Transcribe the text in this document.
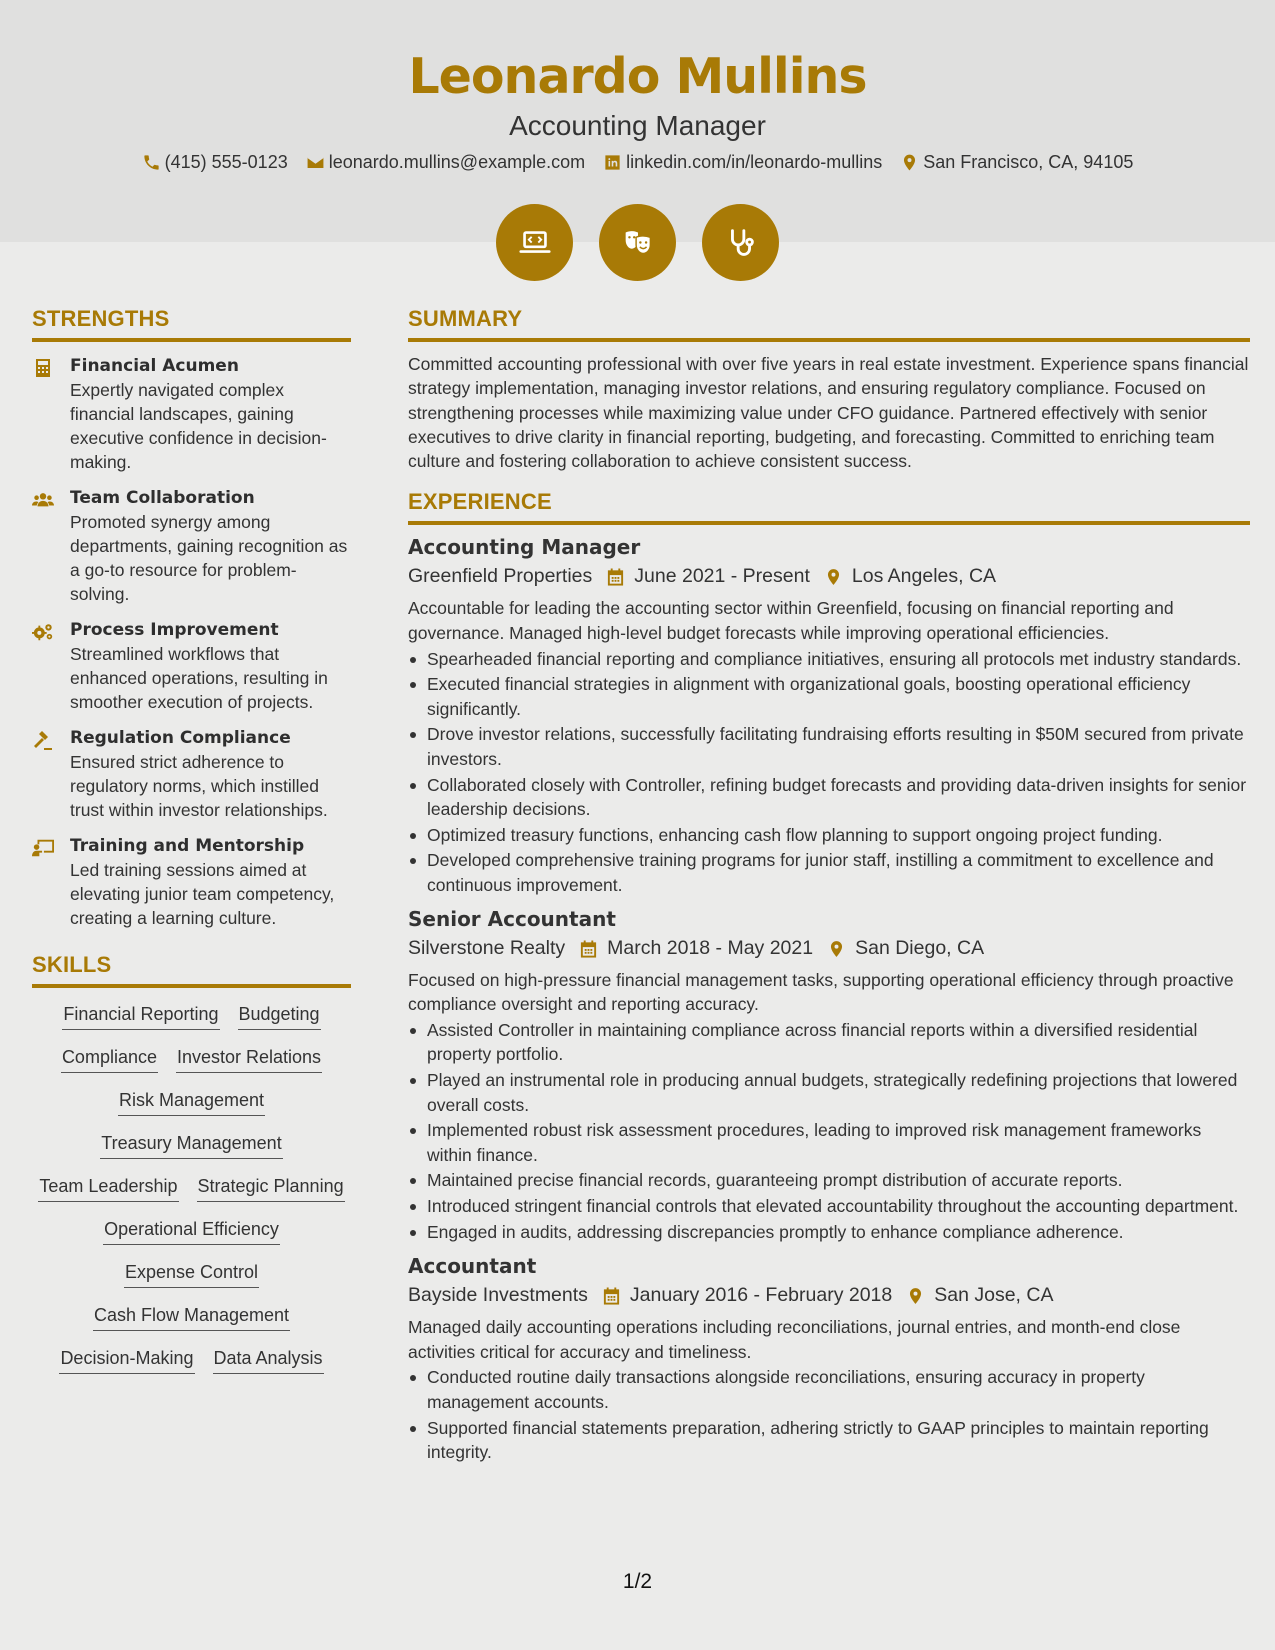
Leonardo Mullins
Accounting Manager
(415) 555-0123 leonardo.mullins@example.com linkedin.com/in/leonardo-mullins San Francisco, CA, 94105
STRENGTHS
Financial Acumen
Expertly navigated complex financial landscapes, gaining executive confidence in decision-making.
Team Collaboration
Promoted synergy among departments, gaining recognition as a go-to resource for problem-solving.
Process Improvement
Streamlined workflows that enhanced operations, resulting in smoother execution of projects.
Regulation Compliance
Ensured strict adherence to regulatory norms, which instilled trust within investor relationships.
Training and Mentorship
Led training sessions aimed at elevating junior team competency, creating a learning culture.
SKILLS
Financial Reporting Budgeting
Compliance Investor Relations
Risk Management
Treasury Management
Team Leadership Strategic Planning
Operational Efficiency
Expense Control
Cash Flow Management
Decision-Making Data Analysis
SUMMARY
Committed accounting professional with over five years in real estate investment. Experience spans financial strategy implementation, managing investor relations, and ensuring regulatory compliance. Focused on strengthening processes while maximizing value under CFO guidance. Partnered effectively with senior executives to drive clarity in financial reporting, budgeting, and forecasting. Committed to enriching team culture and fostering collaboration to achieve consistent success.
EXPERIENCE
Accounting Manager
Greenfield Properties June 2021 - Present Los Angeles, CA
Accountable for leading the accounting sector within Greenfield, focusing on financial reporting and governance. Managed high-level budget forecasts while improving operational efficiencies.
Spearheaded financial reporting and compliance initiatives, ensuring all protocols met industry standards.
Executed financial strategies in alignment with organizational goals, boosting operational efficiency significantly.
Drove investor relations, successfully facilitating fundraising efforts resulting in $50M secured from private investors.
Collaborated closely with Controller, refining budget forecasts and providing data-driven insights for senior leadership decisions.
Optimized treasury functions, enhancing cash flow planning to support ongoing project funding.
Developed comprehensive training programs for junior staff, instilling a commitment to excellence and continuous improvement.
Senior Accountant
Silverstone Realty March 2018 - May 2021 San Diego, CA
Focused on high-pressure financial management tasks, supporting operational efficiency through proactive compliance oversight and reporting accuracy.
Assisted Controller in maintaining compliance across financial reports within a diversified residential property portfolio.
Played an instrumental role in producing annual budgets, strategically redefining projections that lowered overall costs.
Implemented robust risk assessment procedures, leading to improved risk management frameworks within finance.
Maintained precise financial records, guaranteeing prompt distribution of accurate reports.
Introduced stringent financial controls that elevated accountability throughout the accounting department.
Engaged in audits, addressing discrepancies promptly to enhance compliance adherence.
Accountant
Bayside Investments January 2016 - February 2018 San Jose, CA
Managed daily accounting operations including reconciliations, journal entries, and month-end close activities critical for accuracy and timeliness.
Conducted routine daily transactions alongside reconciliations, ensuring accuracy in property management accounts.
Supported financial statements preparation, adhering strictly to GAAP principles to maintain reporting integrity.
1/2
